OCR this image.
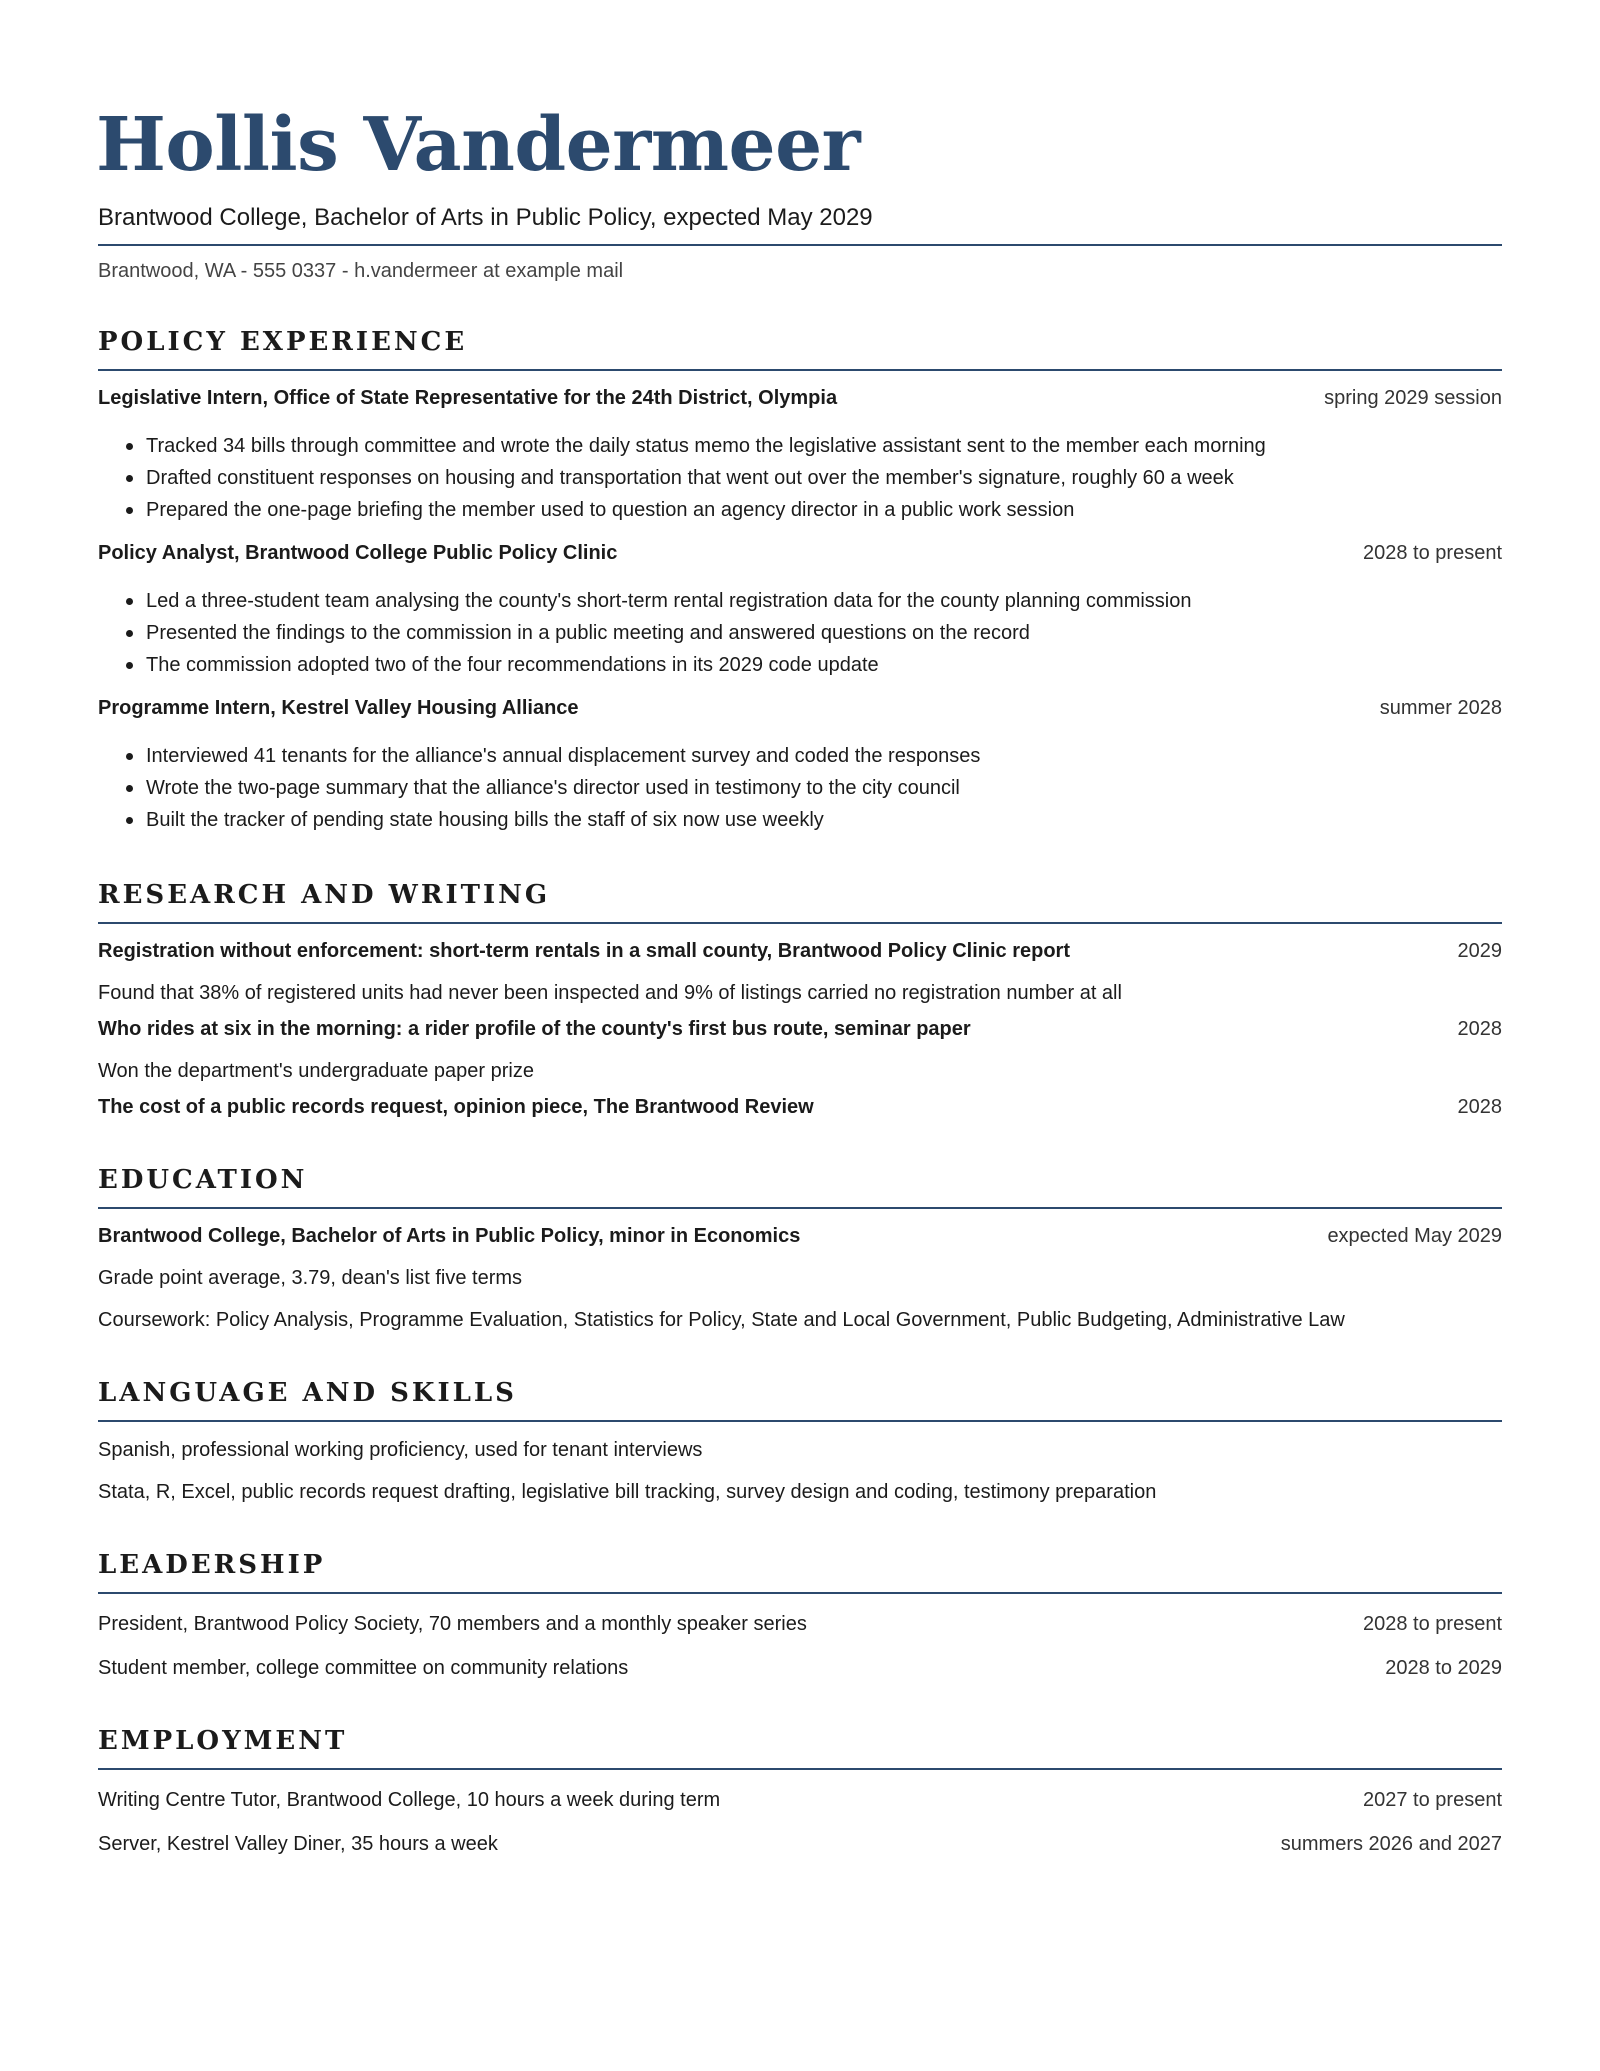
Hollis Vandermeer
Brantwood College, Bachelor of Arts in Public Policy, expected May 2029
Brantwood, WA - 555 0337 - h.vandermeer at example mail
POLICY EXPERIENCE
Legislative Intern, Office of State Representative for the 24th District, Olympia	spring 2029 session
Tracked 34 bills through committee and wrote the daily status memo the legislative assistant sent to the member each morning
Drafted constituent responses on housing and transportation that went out over the member's signature, roughly 60 a week
Prepared the one-page briefing the member used to question an agency director in a public work session
Policy Analyst, Brantwood College Public Policy Clinic	2028 to present
Led a three-student team analysing the county's short-term rental registration data for the county planning commission
Presented the findings to the commission in a public meeting and answered questions on the record
The commission adopted two of the four recommendations in its 2029 code update
Programme Intern, Kestrel Valley Housing Alliance	summer 2028
Interviewed 41 tenants for the alliance's annual displacement survey and coded the responses
Wrote the two-page summary that the alliance's director used in testimony to the city council
Built the tracker of pending state housing bills the staff of six now use weekly
RESEARCH AND WRITING
Registration without enforcement: short-term rentals in a small county, Brantwood Policy Clinic report	2029
Found that 38% of registered units had never been inspected and 9% of listings carried no registration number at all
Who rides at six in the morning: a rider profile of the county's first bus route, seminar paper	2028
Won the department's undergraduate paper prize
The cost of a public records request, opinion piece, The Brantwood Review	2028
EDUCATION
Brantwood College, Bachelor of Arts in Public Policy, minor in Economics	expected May 2029
Grade point average, 3.79, dean's list five terms
Coursework: Policy Analysis, Programme Evaluation, Statistics for Policy, State and Local Government, Public Budgeting, Administrative Law
LANGUAGE AND SKILLS
Spanish, professional working proficiency, used for tenant interviews
Stata, R, Excel, public records request drafting, legislative bill tracking, survey design and coding, testimony preparation
LEADERSHIP
President, Brantwood Policy Society, 70 members and a monthly speaker series	2028 to present
Student member, college committee on community relations	2028 to 2029
EMPLOYMENT
Writing Centre Tutor, Brantwood College, 10 hours a week during term	2027 to present
Server, Kestrel Valley Diner, 35 hours a week	summers 2026 and 2027
